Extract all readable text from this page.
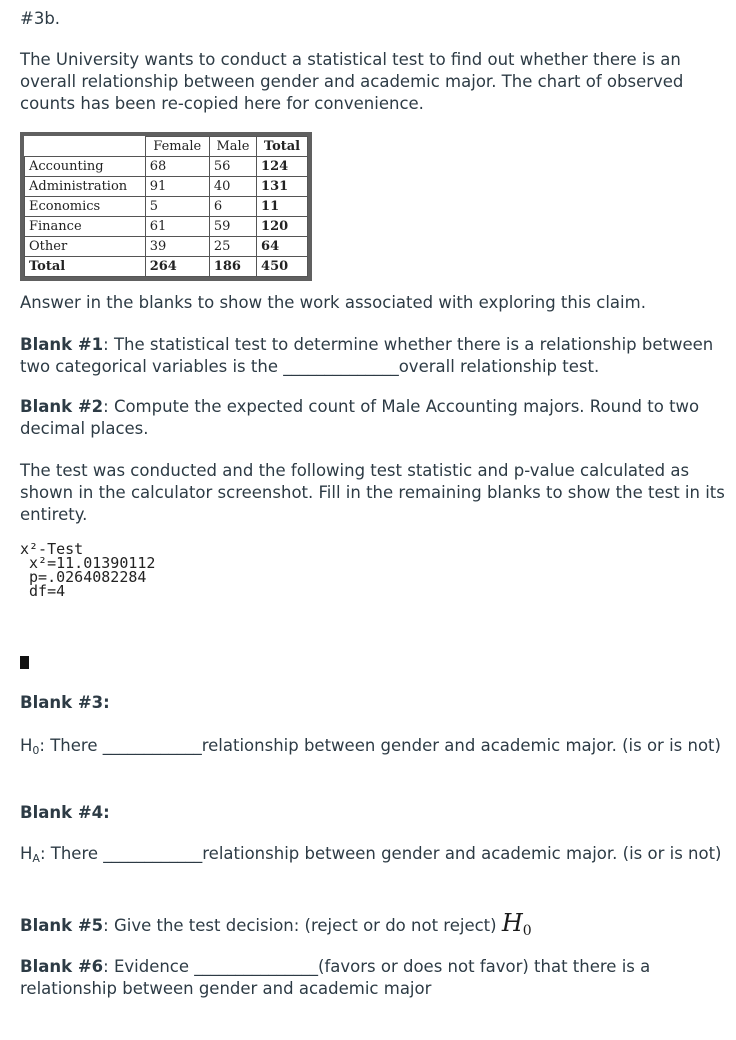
#3b.

The University wants to conduct a statistical test to find out whether there is an overall relationship between gender and academic major. The chart of observed counts has been re-copied here for convenience.

	Female	Male	Total
Accounting	68	56	124
Administration	91	40	131
Economics	5	6	11
Finance	61	59	120
Other	39	25	64
Total	264	186	450

Answer in the blanks to show the work associated with exploring this claim.

Blank #1: The statistical test to determine whether there is a relationship between two categorical variables is the ______________overall relationship test.

Blank #2: Compute the expected count of Male Accounting majors. Round to two decimal places.

The test was conducted and the following test statistic and p-value calculated as shown in the calculator screenshot. Fill in the remaining blanks to show the test in its entirety.

x²-Test
x²=11.01390112
p=.0264082284
df=4

Blank #3:

$H_0$: There ____________relationship between gender and academic major. (is or is not)

Blank #4:

$H_A$: There ____________relationship between gender and academic major. (is or is not)

Blank #5: Give the test decision: (reject or do not reject) $H_0$

Blank #6: Evidence _______________(favors or does not favor) that there is a relationship between gender and academic major
